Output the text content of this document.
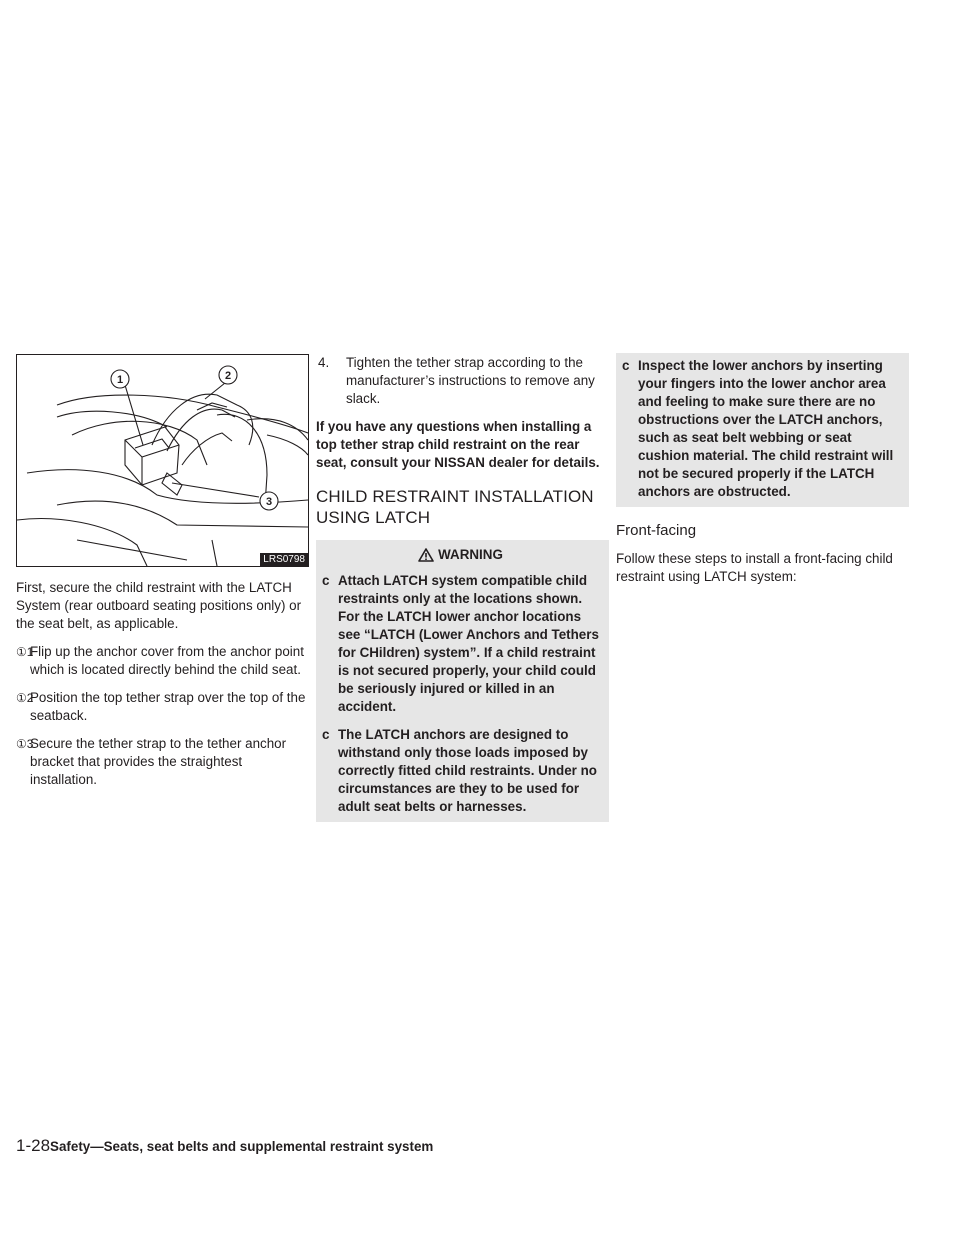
1	2
3
LRS0798

First, secure the child restraint with the LATCH System (rear outboard seating positions only) or the seat belt, as applicable.

①1
Flip up the anchor cover from the anchor point which is located directly behind the child seat.
①2
Position the top tether strap over the top of the seatback.
①3
Secure the tether strap to the tether anchor bracket that provides the straightest installation.
4. Tighten the tether strap according to the manufacturer’s instructions to remove any slack.

If you have any questions when installing a top tether strap child restraint on the rear seat, consult your NISSAN dealer for details.

CHILD RESTRAINT INSTALLATION USING LATCH
WARNING
c Attach LATCH system compatible child restraints only at the locations shown. For the LATCH lower anchor locations see “LATCH (Lower Anchors and Tethers for CHildren) system”. If a child restraint is not secured properly, your child could be seriously injured or killed in an accident.
c The LATCH anchors are designed to withstand only those loads imposed by correctly fitted child restraints. Under no circumstances are they to be used for adult seat belts or harnesses.
c Inspect the lower anchors by inserting your fingers into the lower anchor area and feeling to make sure there are no obstructions over the LATCH anchors, such as seat belt webbing or seat cushion material. The child restraint will not be secured properly if the LATCH anchors are obstructed.
Front-facing

Follow these steps to install a front-facing child restraint using LATCH system:

1-28Safety—Seats, seat belts and supplemental restraint system
